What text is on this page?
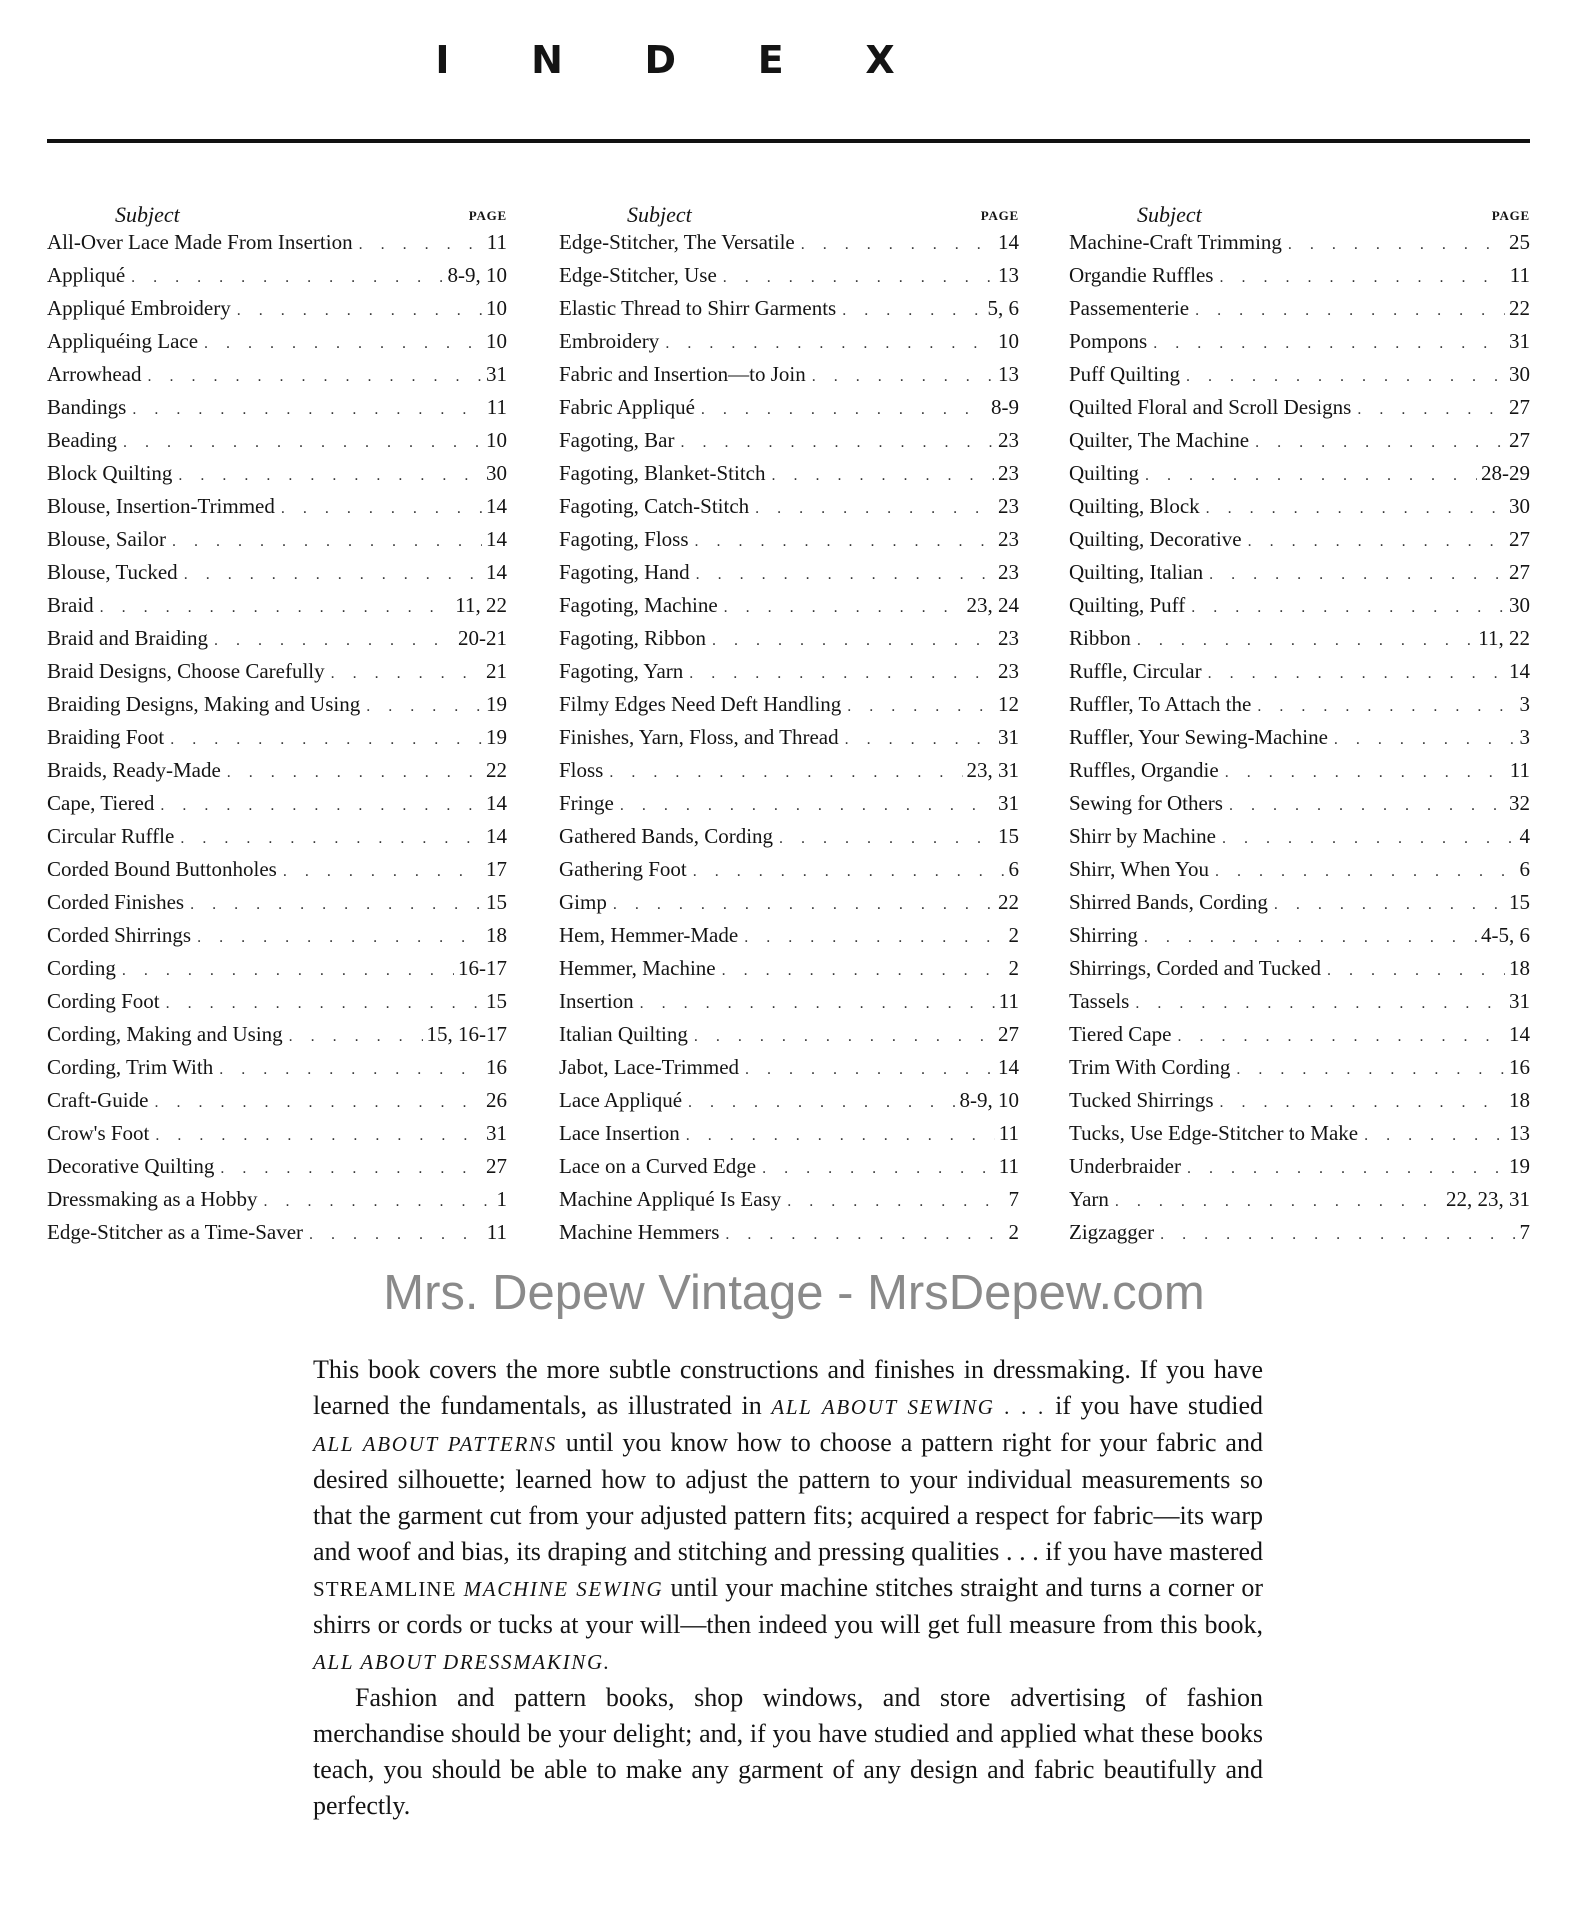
I N D E X
Subject	PAGE
All-Over Lace Made From Insertion . . .	11
Appliqué . . .	8-9, 10
Appliqué Embroidery . . .	10
Appliquéing Lace . . .	10
Arrowhead . . .	31
Bandings . . .	11
Beading . . .	10
Block Quilting . . .	30
Blouse, Insertion-Trimmed . . .	14
Blouse, Sailor . . .	14
Blouse, Tucked . . .	14
Braid . . .	11, 22
Braid and Braiding . . .	20-21
Braid Designs, Choose Carefully . . .	21
Braiding Designs, Making and Using . . .	19
Braiding Foot . . .	19
Braids, Ready-Made . . .	22
Cape, Tiered . . .	14
Circular Ruffle . . .	14
Corded Bound Buttonholes . . .	17
Corded Finishes . . .	15
Corded Shirrings . . .	18
Cording . . .	16-17
Cording Foot . . .	15
Cording, Making and Using . . .	15, 16-17
Cording, Trim With . . .	16
Craft-Guide . . .	26
Crow's Foot . . .	31
Decorative Quilting . . .	27
Dressmaking as a Hobby . . .	1
Edge-Stitcher as a Time-Saver . . .	11
Subject	PAGE
Edge-Stitcher, The Versatile . . .	14
Edge-Stitcher, Use . . .	13
Elastic Thread to Shirr Garments . . .	5, 6
Embroidery . . .	10
Fabric and Insertion—to Join . . .	13
Fabric Appliqué . . .	8-9
Fagoting, Bar . . .	23
Fagoting, Blanket-Stitch . . .	23
Fagoting, Catch-Stitch . . .	23
Fagoting, Floss . . .	23
Fagoting, Hand . . .	23
Fagoting, Machine . . .	23, 24
Fagoting, Ribbon . . .	23
Fagoting, Yarn . . .	23
Filmy Edges Need Deft Handling . . .	12
Finishes, Yarn, Floss, and Thread . . .	31
Floss . . .	23, 31
Fringe . . .	31
Gathered Bands, Cording . . .	15
Gathering Foot . . .	6
Gimp . . .	22
Hem, Hemmer-Made . . .	2
Hemmer, Machine . . .	2
Insertion . . .	11
Italian Quilting . . .	27
Jabot, Lace-Trimmed . . .	14
Lace Appliqué . . .	8-9, 10
Lace Insertion . . .	11
Lace on a Curved Edge . . .	11
Machine Appliqué Is Easy . . .	7
Machine Hemmers . . .	2
Subject	PAGE
Machine-Craft Trimming . . .	25
Organdie Ruffles . . .	11
Passementerie . . .	22
Pompons . . .	31
Puff Quilting . . .	30
Quilted Floral and Scroll Designs . . .	27
Quilter, The Machine . . .	27
Quilting . . .	28-29
Quilting, Block . . .	30
Quilting, Decorative . . .	27
Quilting, Italian . . .	27
Quilting, Puff . . .	30
Ribbon . . .	11, 22
Ruffle, Circular . . .	14
Ruffler, To Attach the . . .	3
Ruffler, Your Sewing-Machine . . .	3
Ruffles, Organdie . . .	11
Sewing for Others . . .	32
Shirr by Machine . . .	4
Shirr, When You . . .	6
Shirred Bands, Cording . . .	15
Shirring . . .	4-5, 6
Shirrings, Corded and Tucked . . .	18
Tassels . . .	31
Tiered Cape . . .	14
Trim With Cording . . .	16
Tucked Shirrings . . .	18
Tucks, Use Edge-Stitcher to Make . . .	13
Underbraider . . .	19
Yarn . . .	22, 23, 31
Zigzagger . . .	7
Mrs. Depew Vintage - MrsDepew.com

This book covers the more subtle constructions and finishes in dressmaking. If you have learned the fundamentals, as illustrated in ALL ABOUT SEWING . . . if you have studied ALL ABOUT PATTERNS until you know how to choose a pattern right for your fabric and desired silhouette; learned how to adjust the pattern to your individual measurements so that the garment cut from your adjusted pattern fits; acquired a respect for fabric—its warp and woof and bias, its draping and stitching and pressing qualities . . . if you have mastered STREAMLINE MACHINE SEWING until your machine stitches straight and turns a corner or shirrs or cords or tucks at your will—then indeed you will get full measure from this book, ALL ABOUT DRESSMAKING.

Fashion and pattern books, shop windows, and store advertising of fashion merchandise should be your delight; and, if you have studied and applied what these books teach, you should be able to make any garment of any design and fabric beautifully and perfectly.
